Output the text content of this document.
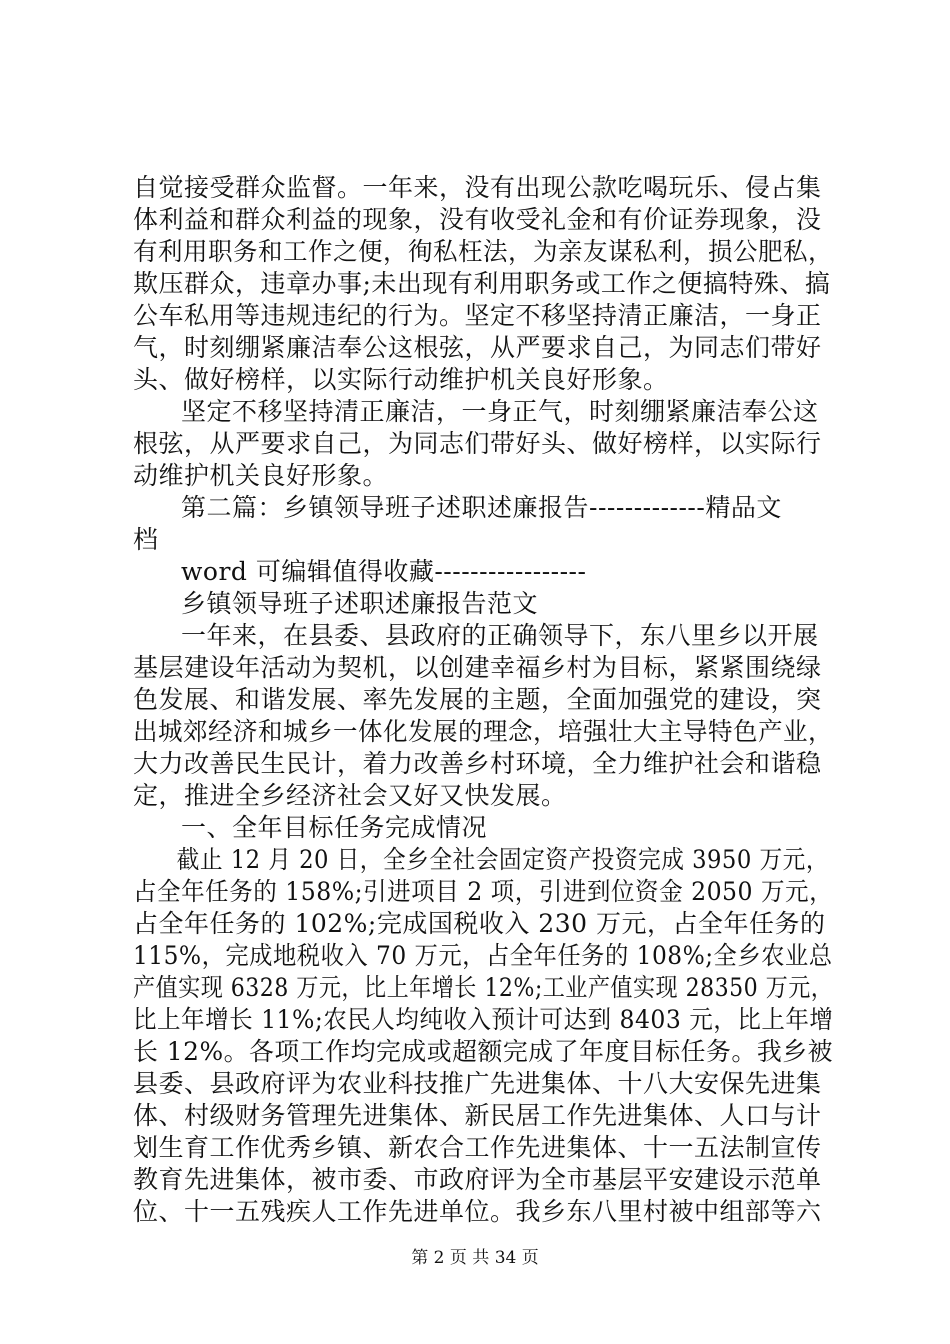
自觉接受群众监督。一年来，没有出现公款吃喝玩乐、侵占集
体利益和群众利益的现象，没有收受礼金和有价证券现象，没
有利用职务和工作之便，徇私枉法，为亲友谋私利，损公肥私，
欺压群众，违章办事;未出现有利用职务或工作之便搞特殊、搞
公车私用等违规违纪的行为。坚定不移坚持清正廉洁，一身正
气，时刻绷紧廉洁奉公这根弦，从严要求自己，为同志们带好
头、做好榜样，以实际行动维护机关良好形象。
坚定不移坚持清正廉洁，一身正气，时刻绷紧廉洁奉公这
根弦，从严要求自己，为同志们带好头、做好榜样，以实际行
动维护机关良好形象。
第二篇：乡镇领导班子述职述廉报告-------------精品文
档
word 可编辑值得收藏-----------------
乡镇领导班子述职述廉报告范文
一年来，在县委、县政府的正确领导下，东八里乡以开展
基层建设年活动为契机，以创建幸福乡村为目标，紧紧围绕绿
色发展、和谐发展、率先发展的主题，全面加强党的建设，突
出城郊经济和城乡一体化发展的理念，培强壮大主导特色产业，
大力改善民生民计，着力改善乡村环境，全力维护社会和谐稳
定，推进全乡经济社会又好又快发展。
一、全年目标任务完成情况
截止 12 月 20 日，全乡全社会固定资产投资完成 3950 万元，
占全年任务的 158%;引进项目 2 项，引进到位资金 2050 万元，
占全年任务的 102%;完成国税收入 230 万元，占全年任务的
115%，完成地税收入 70 万元，占全年任务的 108%;全乡农业总
产值实现 6328 万元，比上年增长 12%;工业产值实现 28350 万元，
比上年增长 11%;农民人均纯收入预计可达到 8403 元，比上年增
长 12%。各项工作均完成或超额完成了年度目标任务。我乡被
县委、县政府评为农业科技推广先进集体、十八大安保先进集
体、村级财务管理先进集体、新民居工作先进集体、人口与计
划生育工作优秀乡镇、新农合工作先进集体、十一五法制宣传
教育先进集体，被市委、市政府评为全市基层平安建设示范单
位、十一五残疾人工作先进单位。我乡东八里村被中组部等六
第 2 页 共 34 页
